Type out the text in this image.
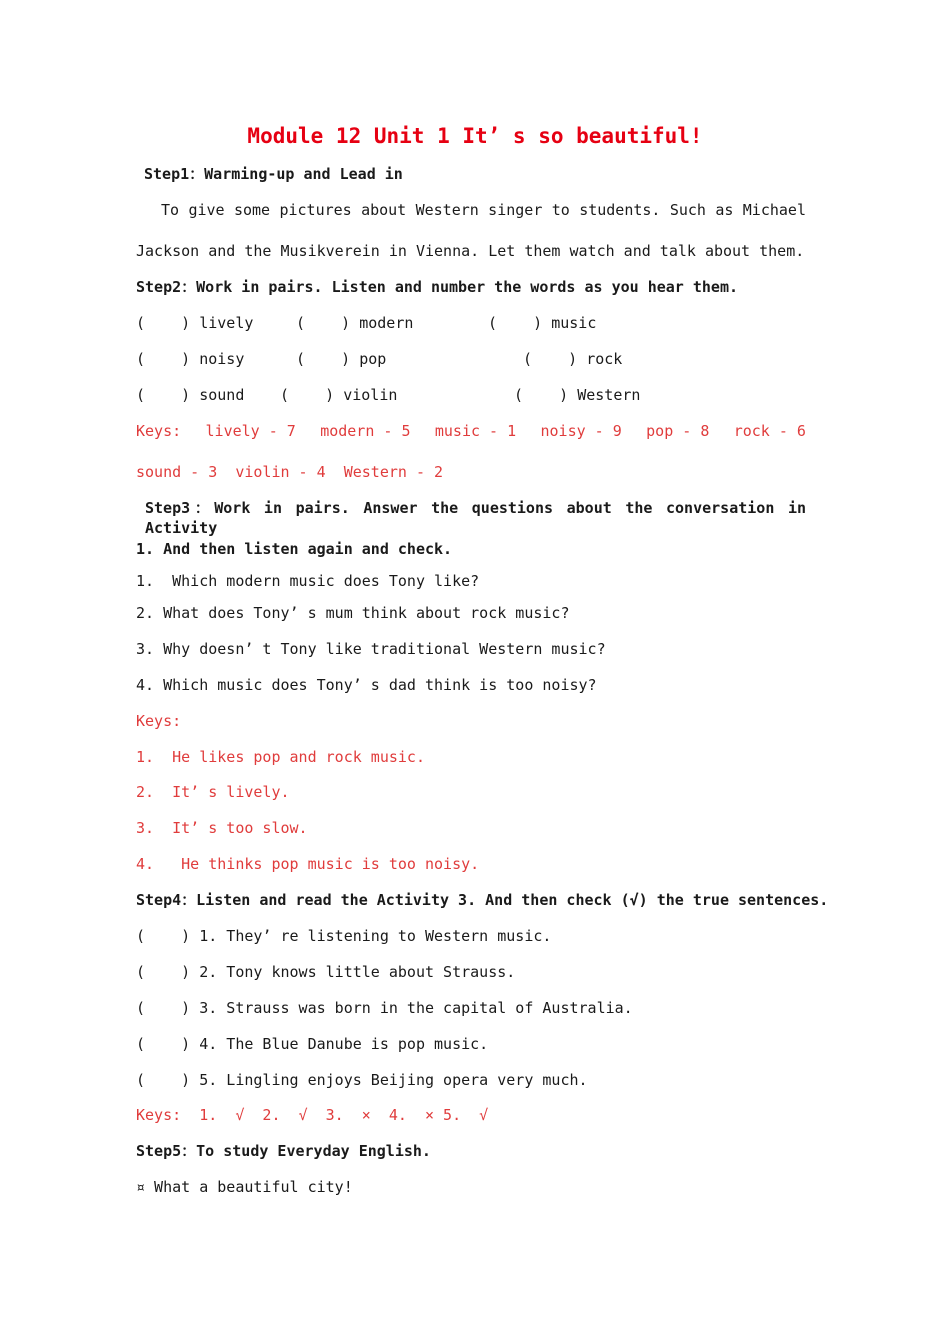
Module 12 Unit 1 It’ s so beautiful!

Step1：Warming-up and Lead in

To give some pictures about Western singer to students. Such as Michael

Jackson and the Musikverein in Vienna. Let them watch and talk about them.

Step2：Work in pairs. Listen and number the words as you hear them.

(    ) lively	(    ) modern	(    ) music
(    ) noisy	(    ) pop	(    ) rock
(    ) sound (    ) violin	(    ) Western
Keys: lively - 7 modern - 5 music - 1 noisy - 9 pop - 8 rock - 6

sound - 3  violin - 4  Western - 2

Step3：Work in pairs. Answer the questions about the conversation in Activity

1. And then listen again and check.

1.  Which modern music does Tony like?

2. What does Tony’ s mum think about rock music?

3. Why doesn’ t Tony like traditional Western music?

4. Which music does Tony’ s dad think is too noisy?

Keys:

1.  He likes pop and rock music.

2.  It’ s lively.

3.  It’ s too slow.

4.   He thinks pop music is too noisy.

Step4：Listen and read the Activity 3. And then check (√) the true sentences.

(    ) 1. They’ re listening to Western music.

(    ) 2. Tony knows little about Strauss.

(    ) 3. Strauss was born in the capital of Australia.

(    ) 4. The Blue Danube is pop music.

(    ) 5. Lingling enjoys Beijing opera very much.

Keys:  1.  √  2.  √  3.  ×  4.  × 5.  √

Step5：To study Everyday English.

¤ What a beautiful city!
